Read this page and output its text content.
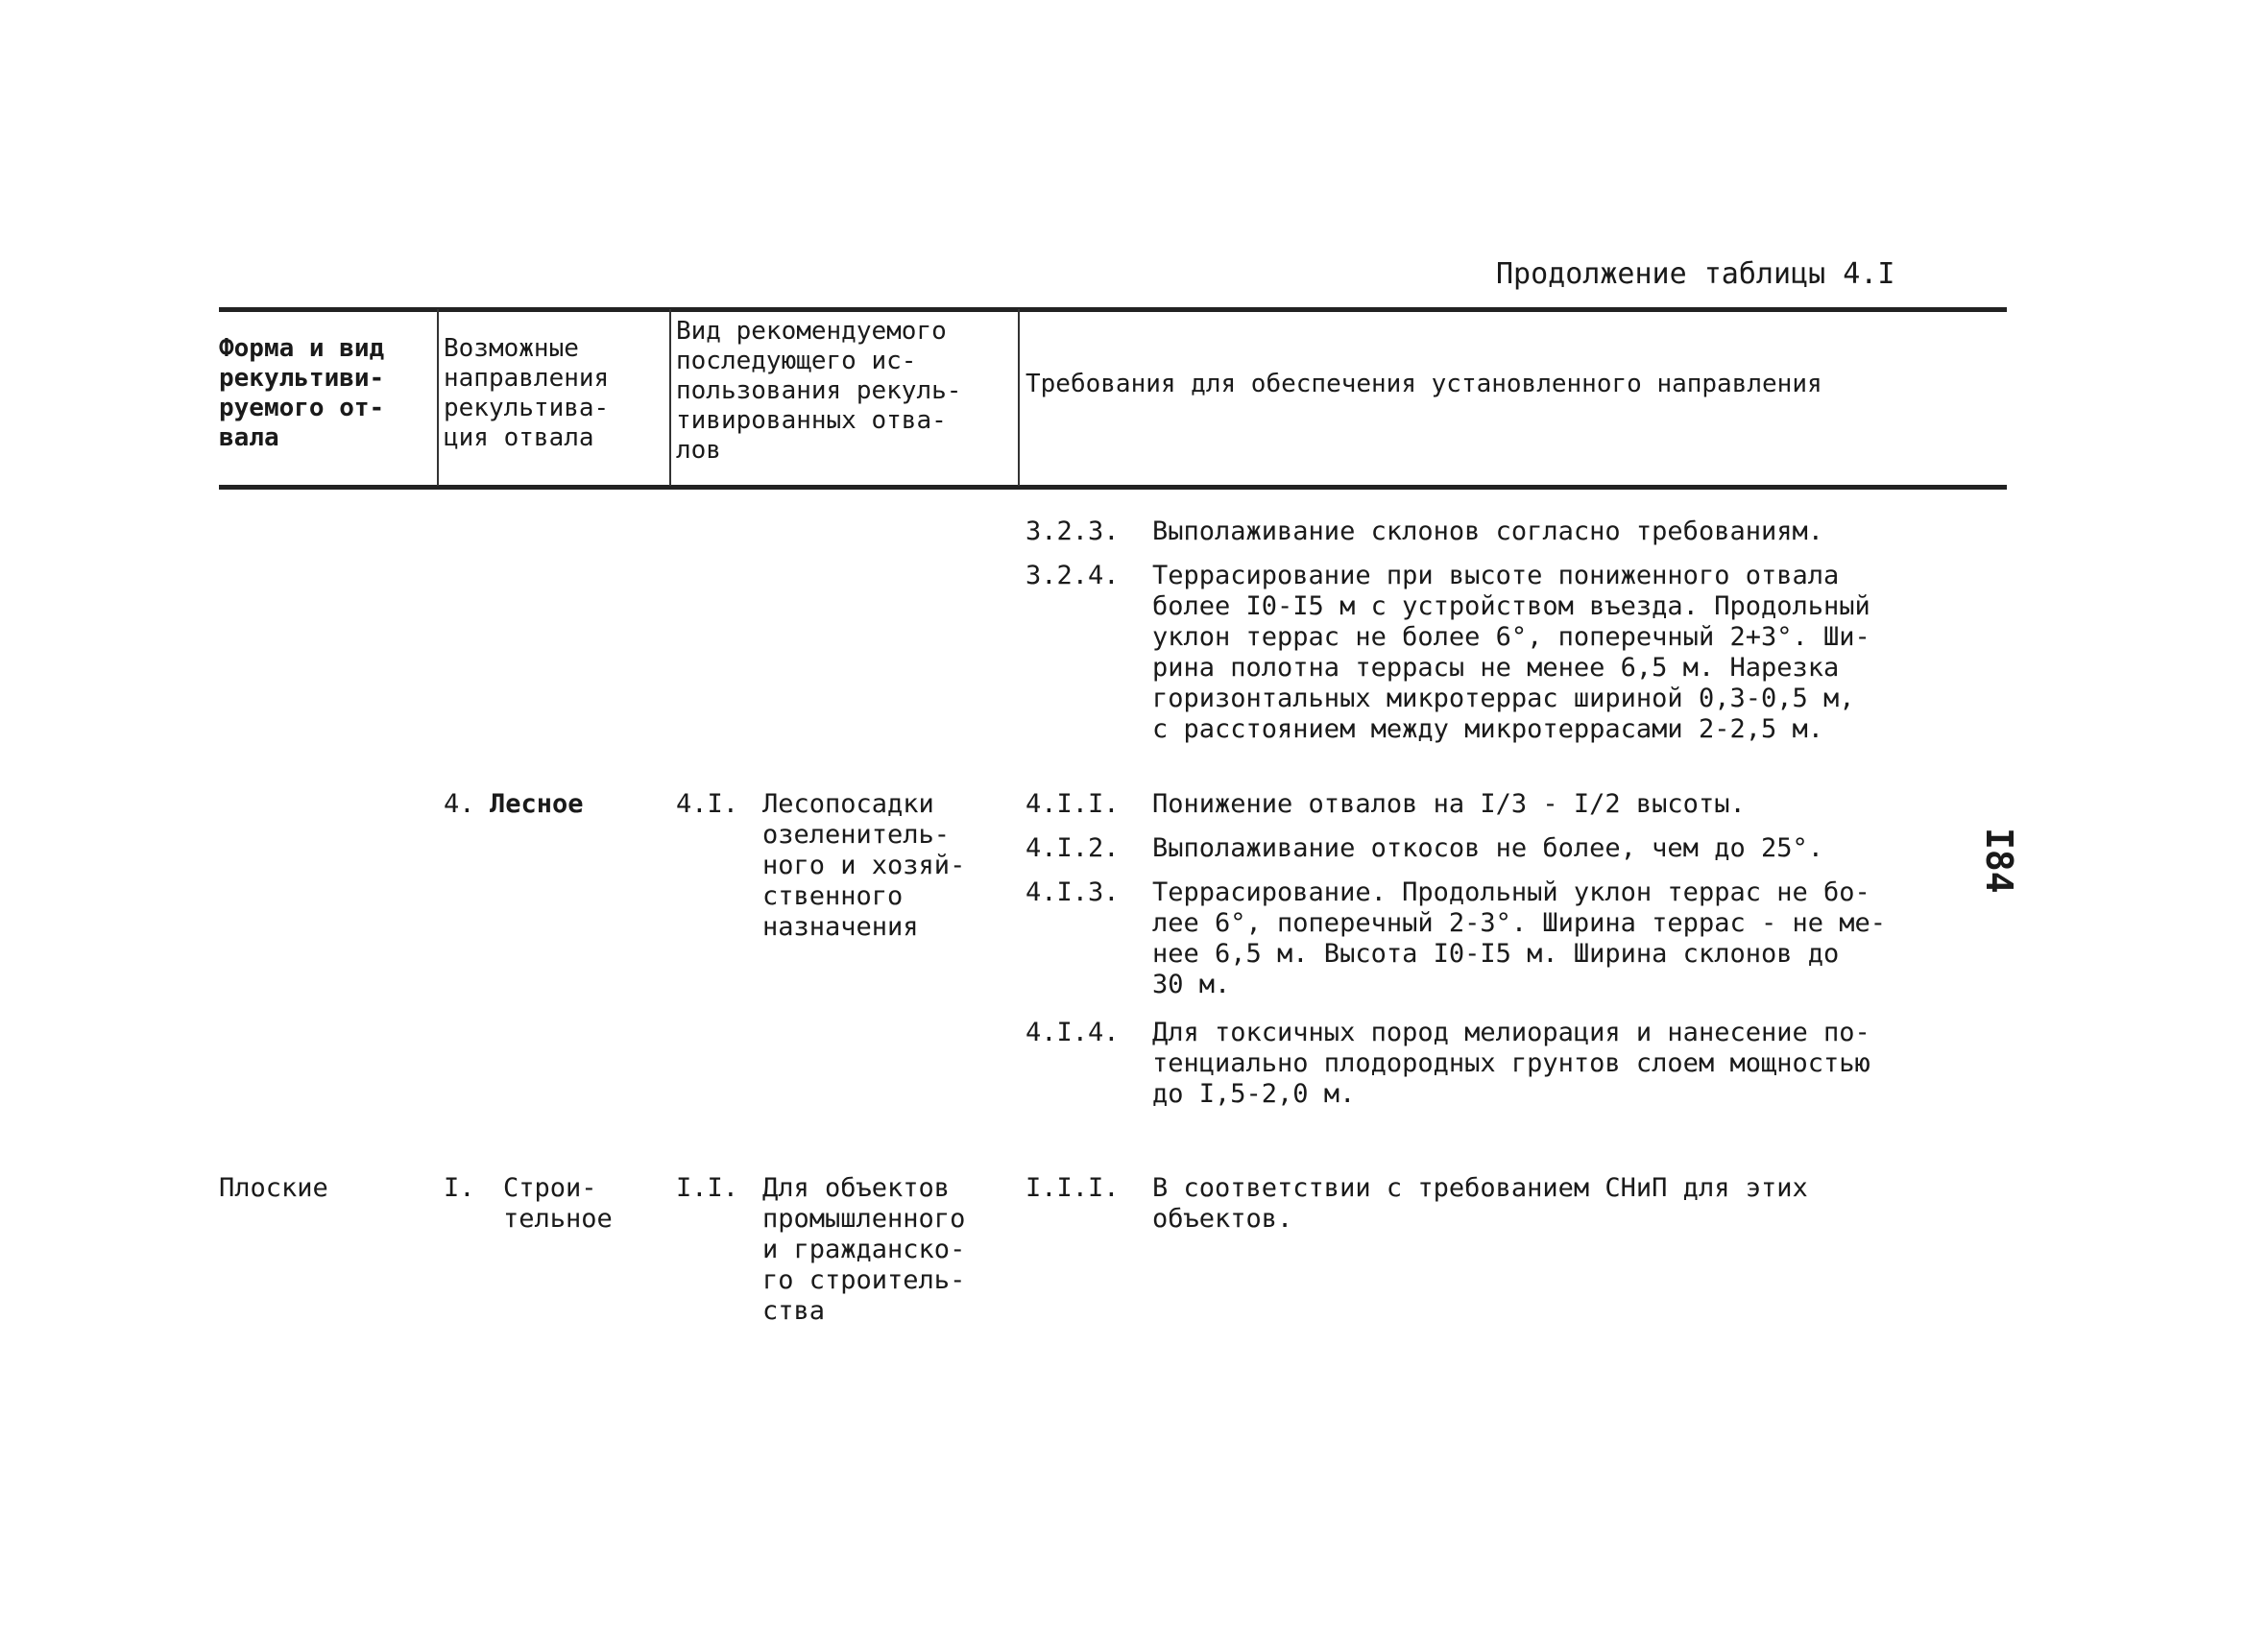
Продолжение таблицы 4.I
Форма и вид
рекультиви-
руемого от-
вала
Возможные
направления
рекультива-
ция отвала
Вид рекомендуемого
последующего ис-
пользования рекуль-
тивированных отва-
лов
Требования для обеспечения установленного направления
3.2.3. Выполаживание склонов согласно требованиям.
3.2.4. Террасирование при высоте пониженного отвала
более I0-I5 м с устройством въезда. Продольный
уклон террас не более 6°, поперечный 2+3°. Ши-
рина полотна террасы не менее 6,5 м. Нарезка
горизонтальных микротеррас шириной 0,3-0,5 м,
с расстоянием между микротеррасами 2-2,5 м.
4. Лесное	4.I. Лесопосадки
озеленитель-
ного и хозяй-
ственного
назначения
4.I.I. Понижение отвалов на I/3 - I/2 высоты.
4.I.2. Выполаживание откосов не более, чем до 25°.
4.I.3. Террасирование. Продольный уклон террас не бо-
лее 6°, поперечный 2-3°. Ширина террас - не ме-
нее 6,5 м. Высота I0-I5 м. Ширина склонов до
30 м.
4.I.4. Для токсичных пород мелиорация и нанесение по-
тенциально плодородных грунтов слоем мощностью
до I,5-2,0 м.
Плоские	I. Строи-
тельное
I.I. Для объектов
промышленного
и гражданско-
го строитель-
ства
I.I.I. В соответствии с требованием СНиП для этих
объектов.
I84
